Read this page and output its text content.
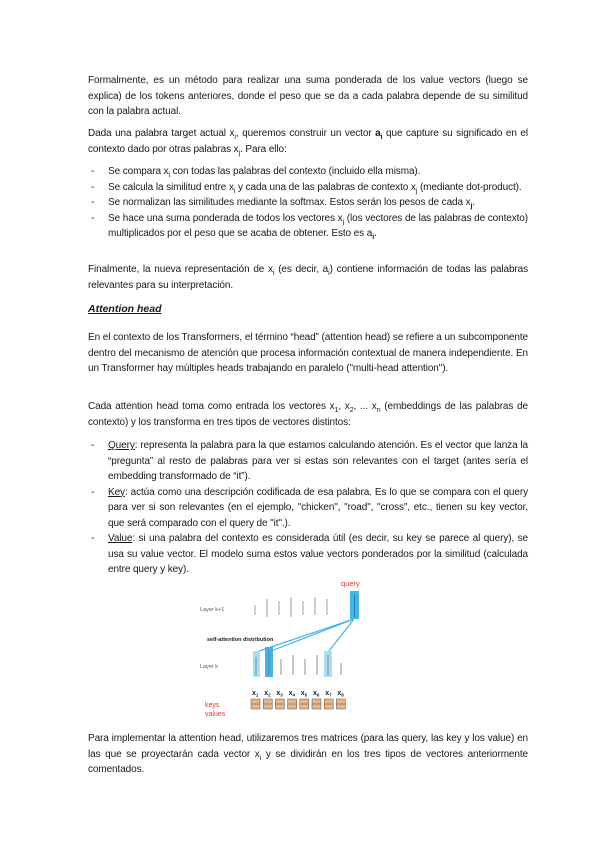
Formalmente, es un método para realizar una suma ponderada de los value vectors (luego se explica) de los tokens anteriores, donde el peso que se da a cada palabra depende de su similitud con la palabra actual.

Dada una palabra target actual $x_i$, queremos construir un vector $a_i$ que capture su significado en el contexto dado por otras palabras $x_j$. Para ello:

- Se compara $x_i$ con todas las palabras del contexto (incluido ella misma).
- Se calcula la similitud entre $x_i$ y cada una de las palabras de contexto $x_j$ (mediante dot-product).
- Se normalizan las similitudes mediante la softmax. Estos serán los pesos de cada $x_j$.
- Se hace una suma ponderada de todos los vectores $x_j$ (los vectores de las palabras de contexto) multiplicados por el peso que se acaba de obtener. Esto es $a_i$.

Finalmente, la nueva representación de $x_i$ (es decir, $a_i$) contiene información de todas las palabras relevantes para su interpretación.

Attention head

En el contexto de los Transformers, el término “head” (attention head) se refiere a un subcomponente dentro del mecanismo de atención que procesa información contextual de manera independiente. En un Transformer hay múltiples heads trabajando en paralelo ("multi-head attention").

Cada attention head toma como entrada los vectores $x_1$, $x_2$, ... $x_n$ (embeddings de las palabras de contexto) y los transforma en tres tipos de vectores distintos:

- Query: representa la palabra para la que estamos calculando atención. Es el vector que lanza la “pregunta” al resto de palabras para ver si estas son relevantes con el target (antes sería el embedding transformado de “it”).
- Key: actúa como una descripción codificada de esa palabra. Es lo que se compara con el query para ver si son relevantes (en el ejemplo, "chicken", "road", "cross", etc., tienen su key vector, que será comparado con el query de "it".).
- Value: si una palabra del contexto es considerada útil (es decir, su key se parece al query), se usa su value vector. El modelo suma estos value vectors ponderados por la similitud (calculada entre query y key).
query
Layer k+1
self-attention distribution
Layer k
keys
values
$x_1$ $x_2$ $x_3$ $x_4$ $x_5$ $x_6$ $x_7$ $x_8$

Para implementar la attention head, utilizaremos tres matrices (para las query, las key y los value) en las que se proyectarán cada vector $x_i$ y se dividirán en los tres tipos de vectores anteriormente comentados.
